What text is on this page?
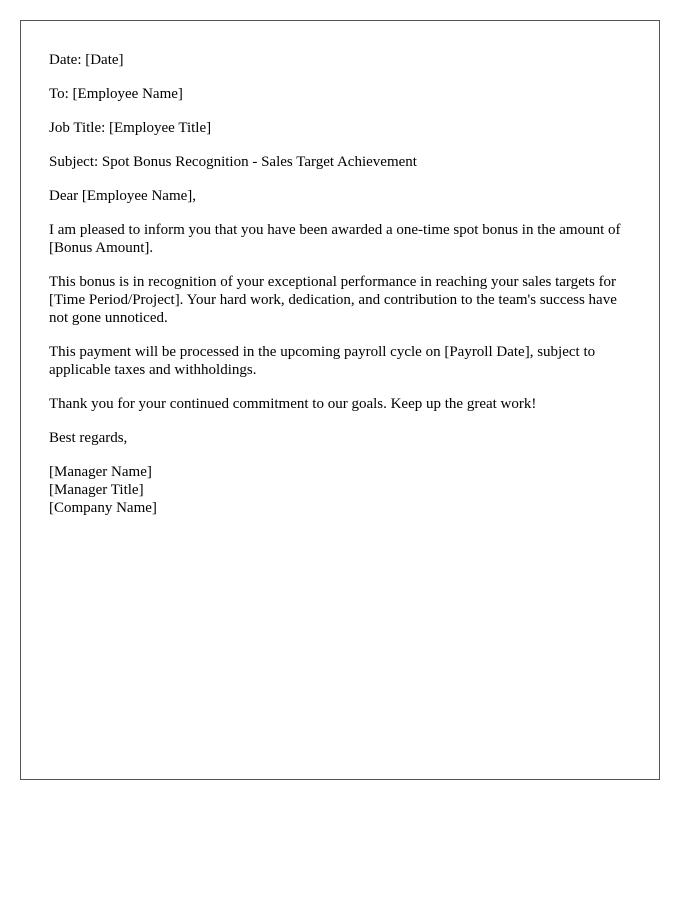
Date: [Date]

To: [Employee Name]

Job Title: [Employee Title]

Subject: Spot Bonus Recognition - Sales Target Achievement

Dear [Employee Name],

I am pleased to inform you that you have been awarded a one-time spot bonus in the amount of [Bonus Amount].

This bonus is in recognition of your exceptional performance in reaching your sales targets for [Time Period/Project]. Your hard work, dedication, and contribution to the team's success have not gone unnoticed.

This payment will be processed in the upcoming payroll cycle on [Payroll Date], subject to applicable taxes and withholdings.

Thank you for your continued commitment to our goals. Keep up the great work!

Best regards,

[Manager Name]

[Manager Title]

[Company Name]
